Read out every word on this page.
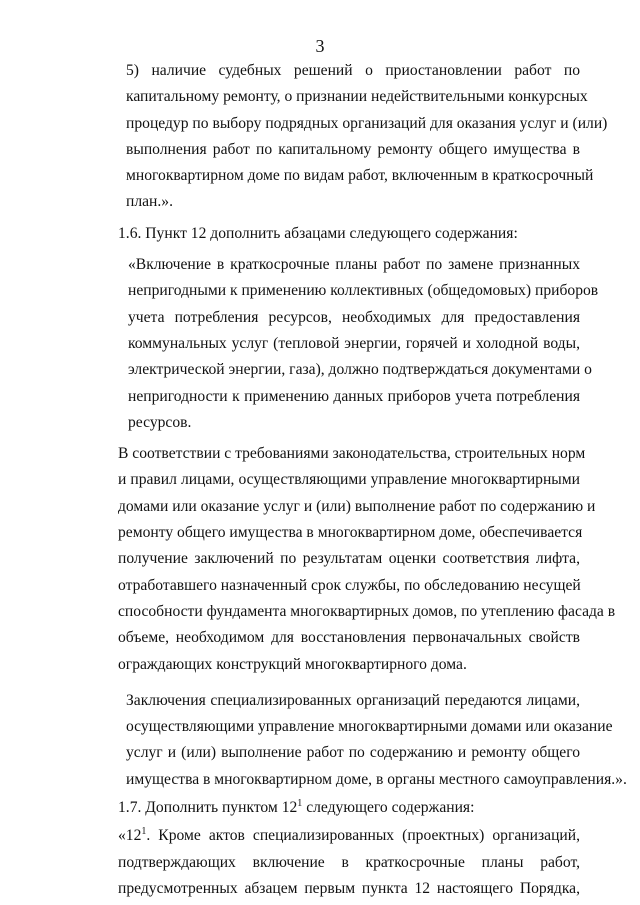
3
5) наличие судебных решений о приостановлении работ по
капитальному ремонту, о признании недействительными конкурсных
процедур по выбору подрядных организаций для оказания услуг и (или)
выполнения работ по капитальному ремонту общего имущества в
многоквартирном доме по видам работ, включенным в краткосрочный
план.».
1.6. Пункт 12 дополнить абзацами следующего содержания:
«Включение в краткосрочные планы работ по замене признанных
непригодными к применению коллективных (общедомовых) приборов
учета потребления ресурсов, необходимых для предоставления
коммунальных услуг (тепловой энергии, горячей и холодной воды,
электрической энергии, газа), должно подтверждаться документами о
непригодности к применению данных приборов учета потребления
ресурсов.
В соответствии с требованиями законодательства, строительных норм
и правил лицами, осуществляющими управление многоквартирными
домами или оказание услуг и (или) выполнение работ по содержанию и
ремонту общего имущества в многоквартирном доме, обеспечивается
получение заключений по результатам оценки соответствия лифта,
отработавшего назначенный срок службы, по обследованию несущей
способности фундамента многоквартирных домов, по утеплению фасада в
объеме, необходимом для восстановления первоначальных свойств
ограждающих конструкций многоквартирного дома.
Заключения специализированных организаций передаются лицами,
осуществляющими управление многоквартирными домами или оказание
услуг и (или) выполнение работ по содержанию и ремонту общего
имущества в многоквартирном доме, в органы местного самоуправления.».
1.7. Дополнить пунктом $12^1$ следующего содержания:
«$12^1$. Кроме актов специализированных (проектных) организаций,
подтверждающих включение в краткосрочные планы работ,
предусмотренных абзацем первым пункта 12 настоящего Порядка,
